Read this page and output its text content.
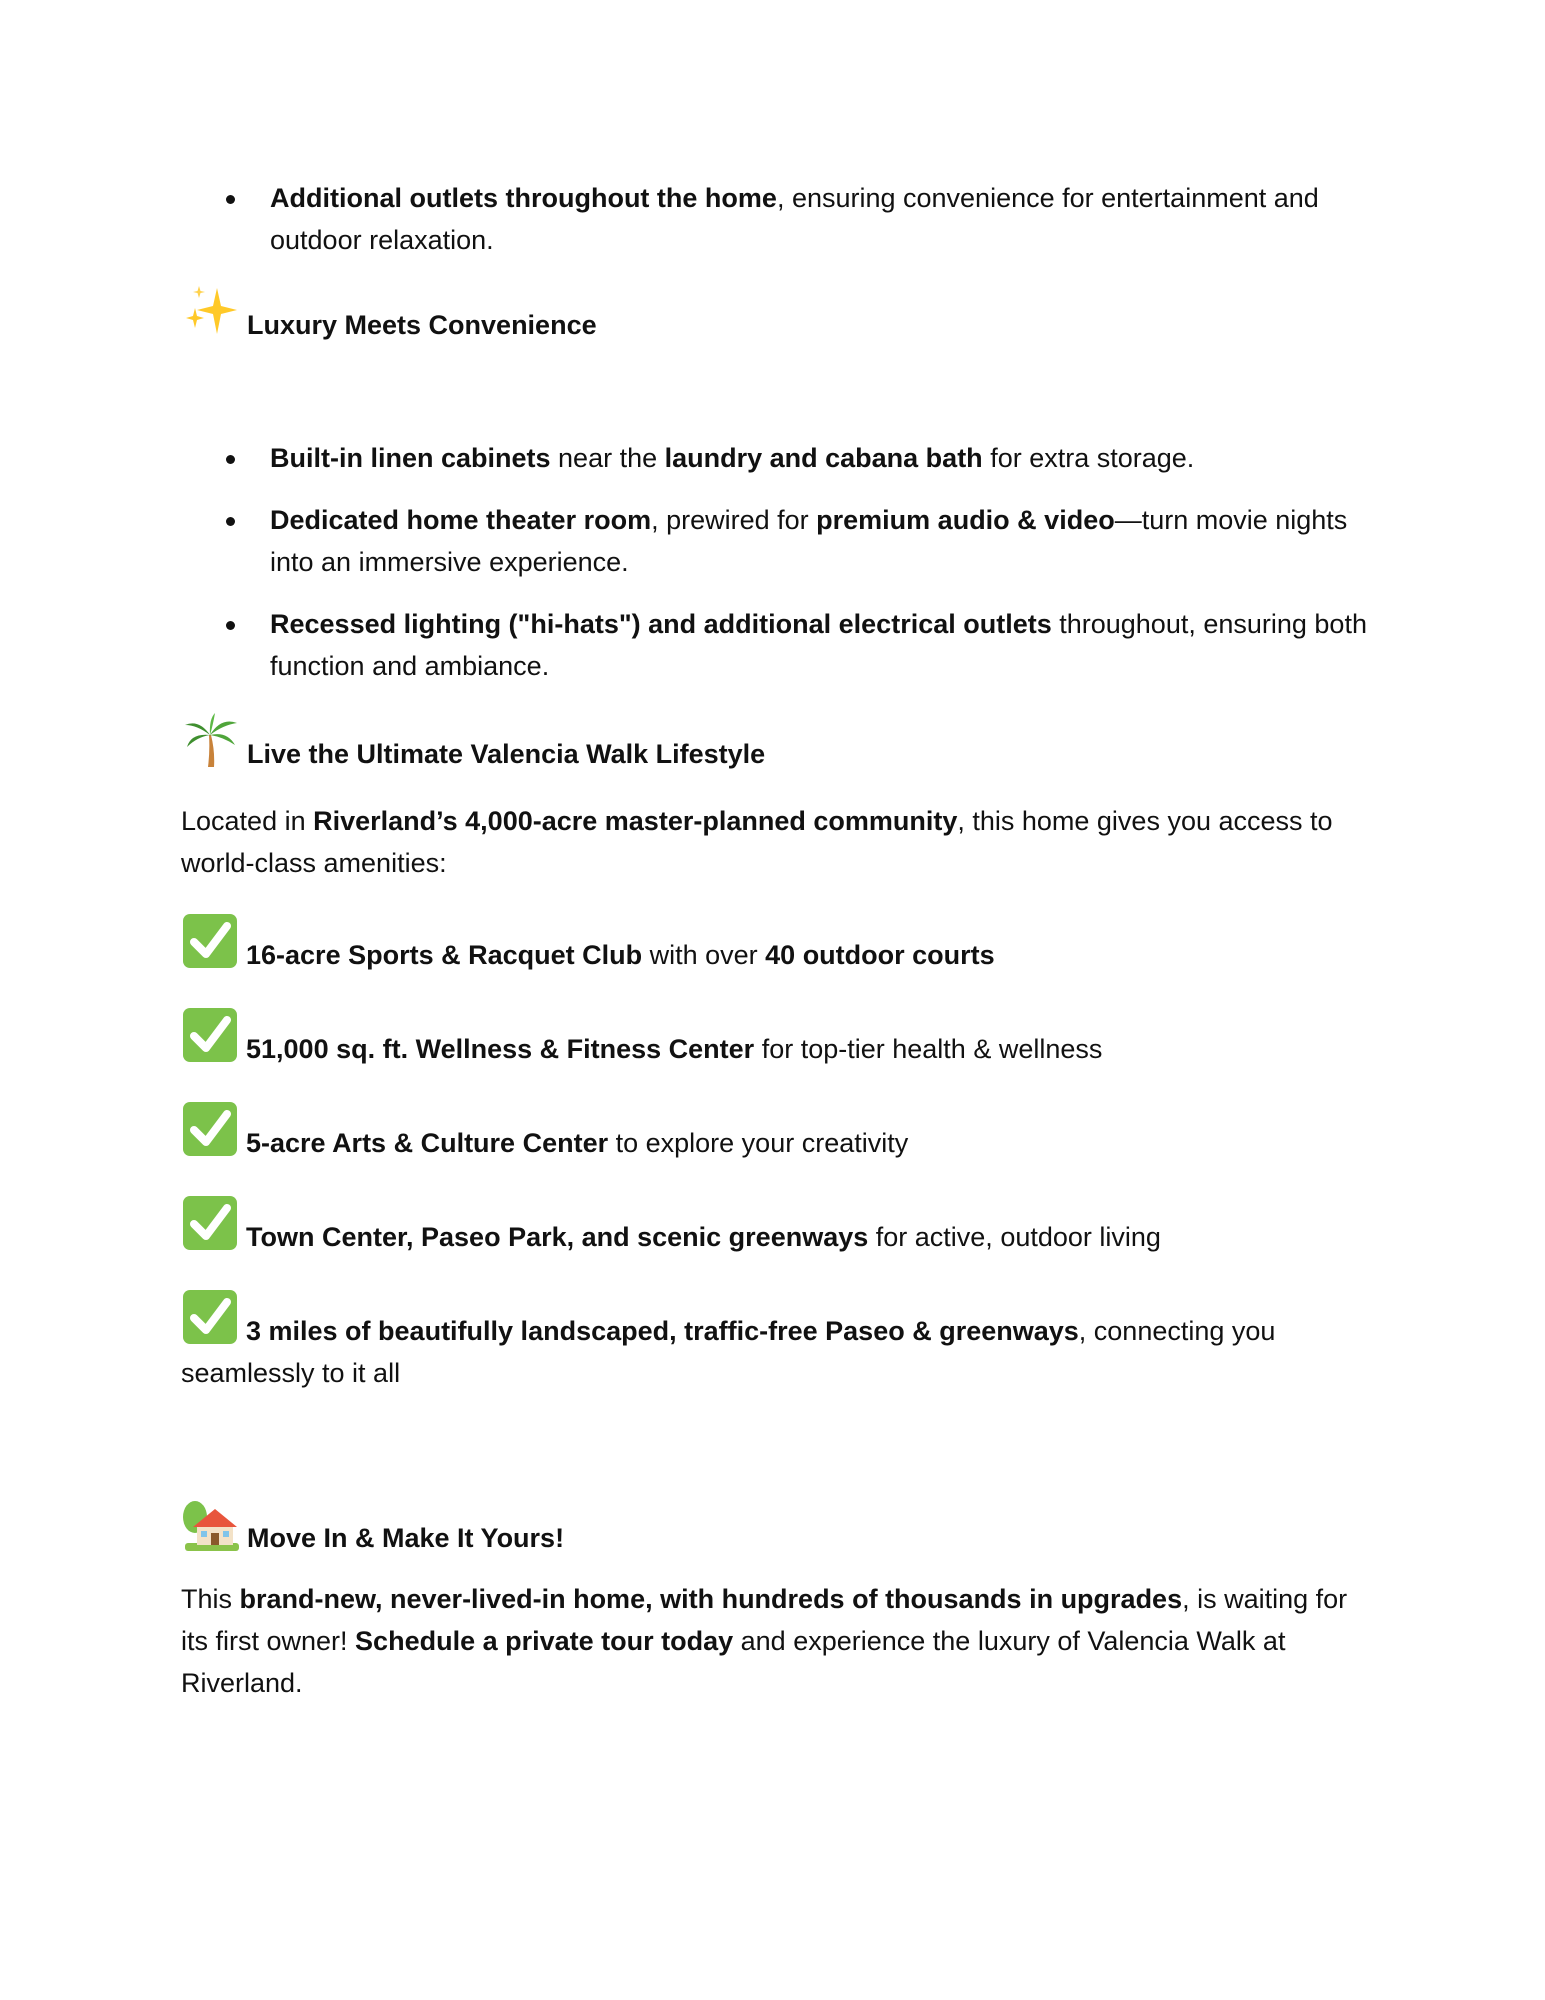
Additional outlets throughout the home, ensuring convenience for entertainment and outdoor relaxation.
Luxury Meets Convenience
Built-in linen cabinets near the laundry and cabana bath for extra storage.
Dedicated home theater room, prewired for premium audio & video—turn movie nights into an immersive experience.
Recessed lighting ("hi-hats") and additional electrical outlets throughout, ensuring both function and ambiance.
Live the Ultimate Valencia Walk Lifestyle

Located in Riverland’s 4,000-acre master-planned community, this home gives you access to world-class amenities:

16-acre Sports & Racquet Club with over 40 outdoor courts
51,000 sq. ft. Wellness & Fitness Center for top-tier health & wellness
5-acre Arts & Culture Center to explore your creativity
Town Center, Paseo Park, and scenic greenways for active, outdoor living
3 miles of beautifully landscaped, traffic-free Paseo & greenways, connecting you
seamlessly to it all
Move In & Make It Yours!

This brand-new, never-lived-in home, with hundreds of thousands in upgrades, is waiting for its first owner! Schedule a private tour today and experience the luxury of Valencia Walk at Riverland.
